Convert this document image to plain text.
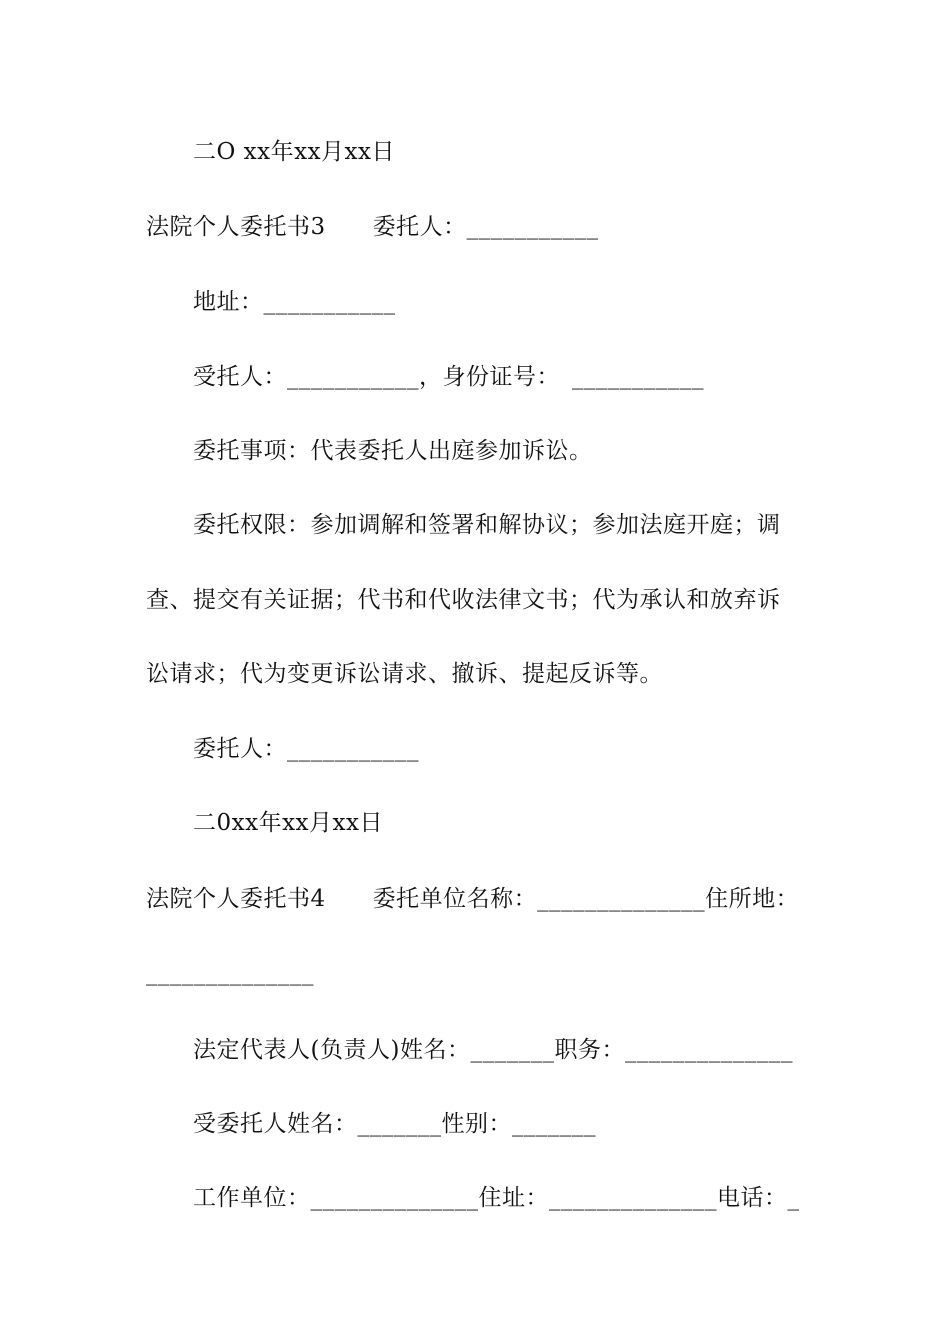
二O xx年xx月xx日
法院个人委托书3　　委托人：___________
地址：___________
受托人：___________，身份证号：　___________
委托事项：代表委托人出庭参加诉讼。
委托权限：参加调解和签署和解协议；参加法庭开庭；调
查、提交有关证据；代书和代收法律文书；代为承认和放弃诉
讼请求；代为变更诉讼请求、撤诉、提起反诉等。
委托人：___________
二0xx年xx月xx日
法院个人委托书4　　委托单位名称：______________住所地：
______________
法定代表人(负责人)姓名：_______职务：______________
受委托人姓名：_______性别：_______
工作单位：______________住址：______________电话：_
